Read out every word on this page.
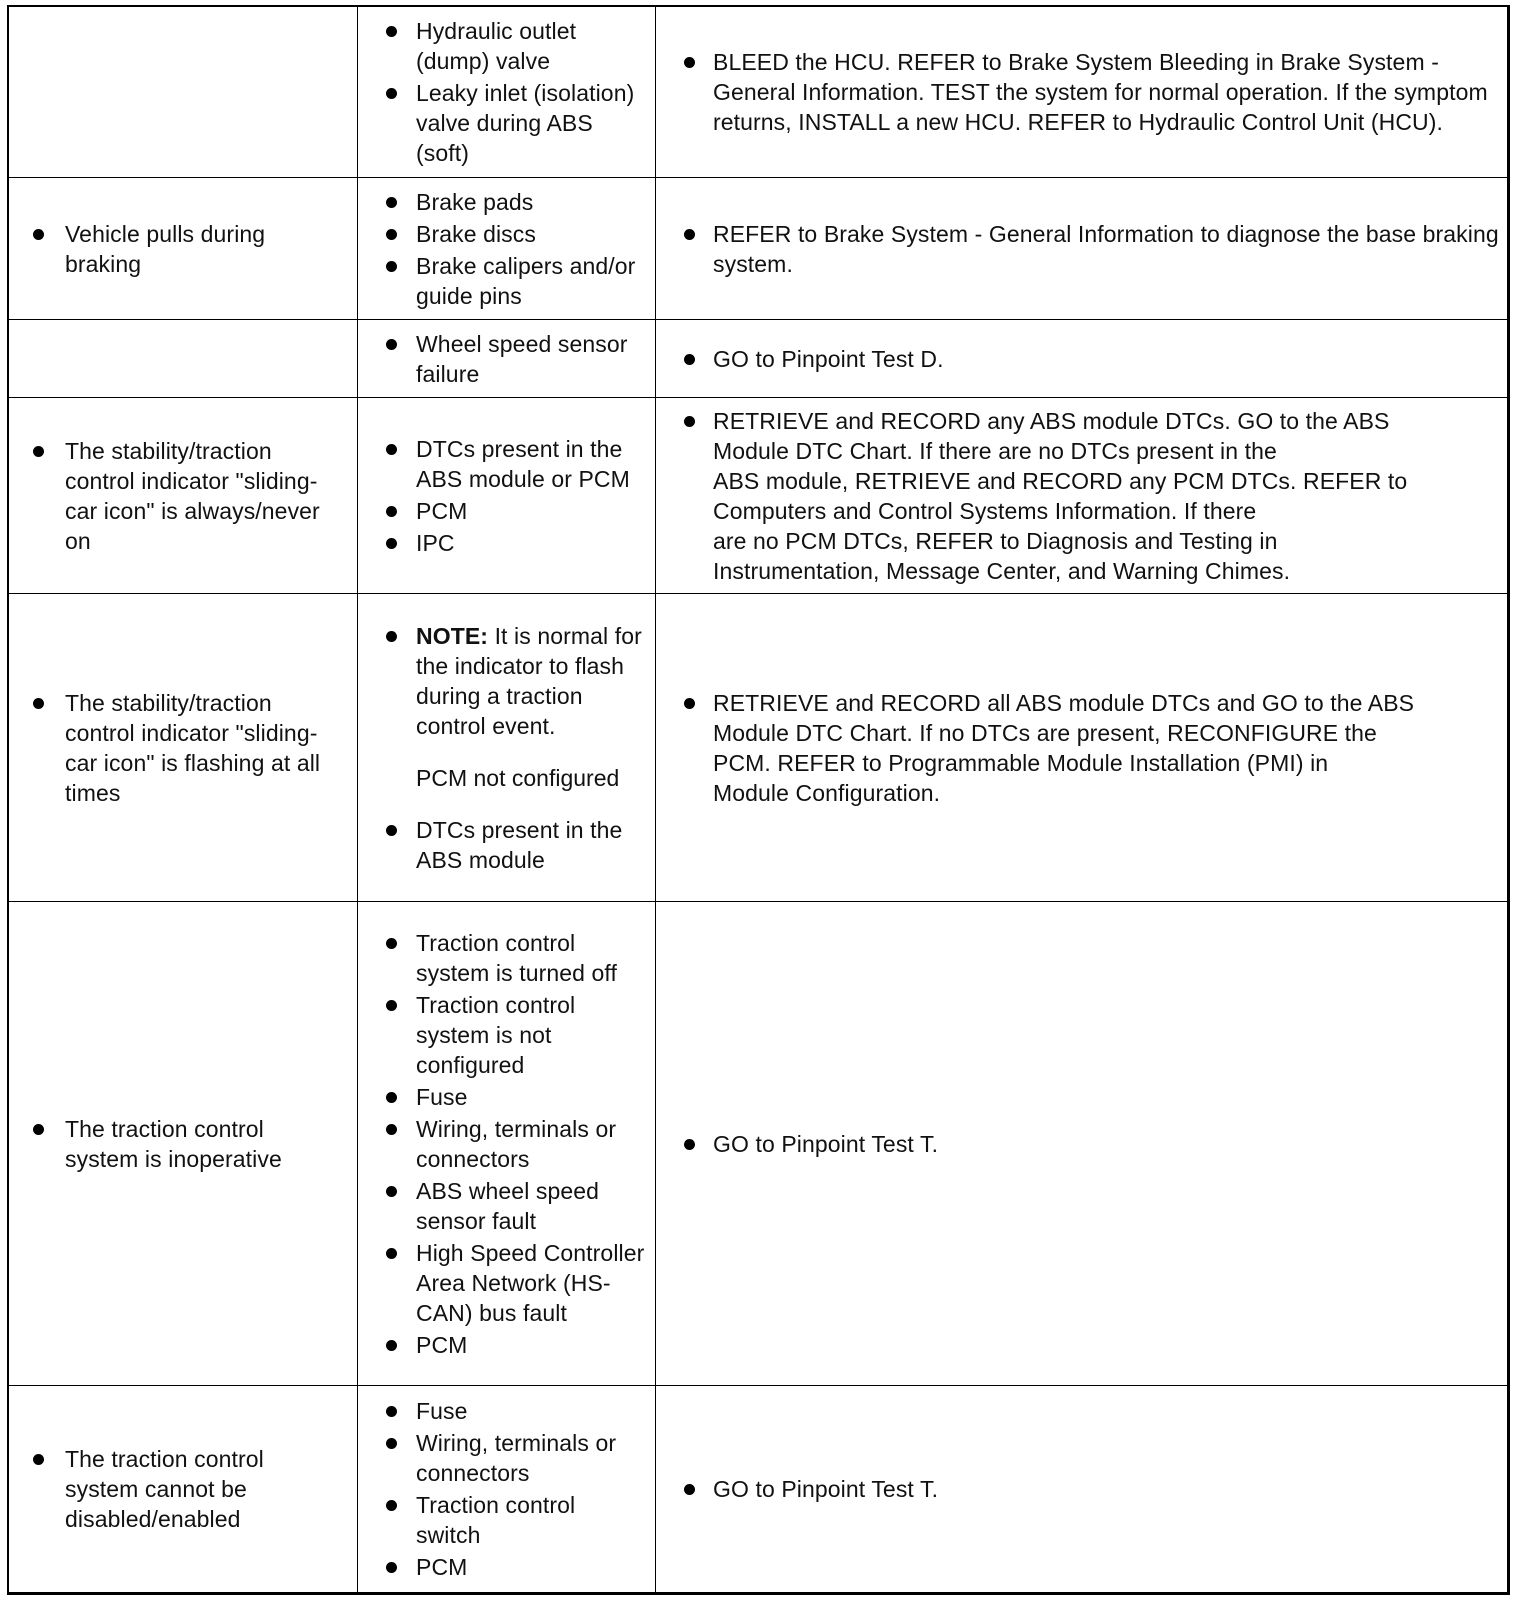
Hydraulic outlet (dump) valve
Leaky inlet (isolation) valve during ABS (soft)
BLEED the HCU. REFER to Brake System Bleeding in Brake System - General Information. TEST the system for normal operation. If the symptom returns, INSTALL a new HCU. REFER to Hydraulic Control Unit (HCU).
Vehicle pulls during braking
Brake pads
Brake discs
Brake calipers and/or guide pins
REFER to Brake System - General Information to diagnose the base braking system.
Wheel speed sensor failure
GO to Pinpoint Test D.
The stability/traction control indicator "sliding-car icon" is always/never on
DTCs present in the ABS module or PCM
PCM
IPC
RETRIEVE and RECORD any ABS module DTCs. GO to the ABS
Module DTC Chart. If there are no DTCs present in the
ABS module, RETRIEVE and RECORD any PCM DTCs. REFER to
Computers and Control Systems Information. If there
are no PCM DTCs, REFER to Diagnosis and Testing in
Instrumentation, Message Center, and Warning Chimes.
The stability/traction control indicator "sliding-car icon" is flashing at all times
NOTE: It is normal for the indicator to flash during a traction control event.
PCM not configured
DTCs present in the ABS module
RETRIEVE and RECORD all ABS module DTCs and GO to the ABS
Module DTC Chart. If no DTCs are present, RECONFIGURE the
PCM. REFER to Programmable Module Installation (PMI) in
Module Configuration.
The traction control system is inoperative
Traction control system is turned off
Traction control system is not configured
Fuse
Wiring, terminals or connectors
ABS wheel speed sensor fault
High Speed Controller Area Network (HS-CAN) bus fault
PCM
GO to Pinpoint Test T.
The traction control system cannot be disabled/enabled
Fuse
Wiring, terminals or connectors
Traction control switch
PCM
GO to Pinpoint Test T.
